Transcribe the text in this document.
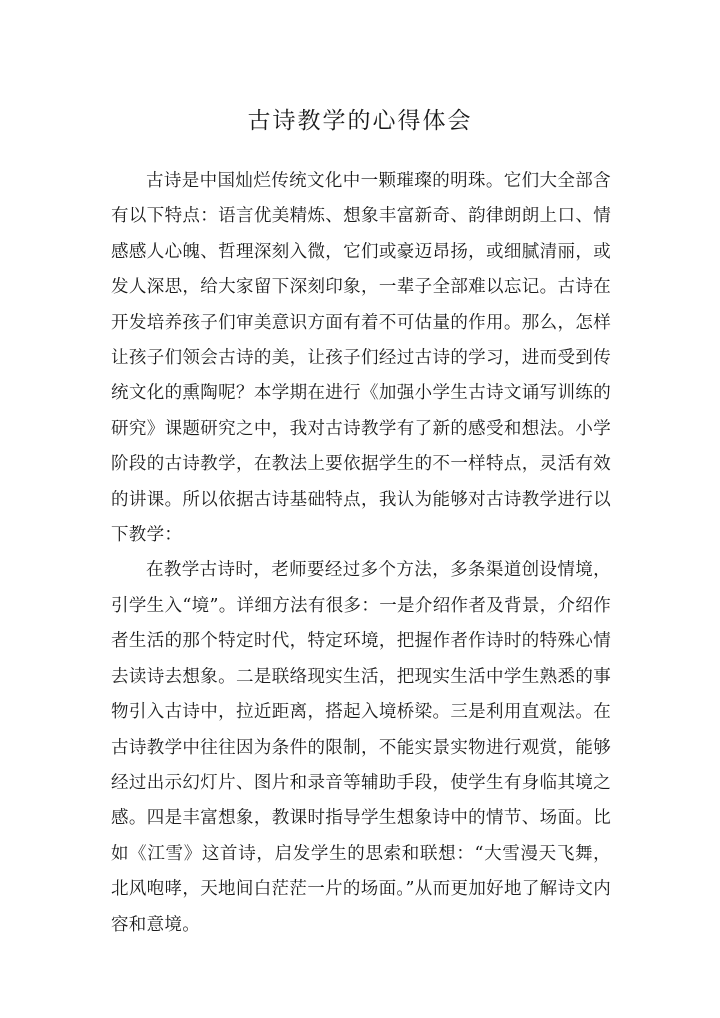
古诗教学的心得体会

古诗是中国灿烂传统文化中一颗璀璨的明珠。它们大全部含有以下特点：语言优美精炼、想象丰富新奇、韵律朗朗上口、情感感人心魄、哲理深刻入微，它们或豪迈昂扬，或细腻清丽，或发人深思，给大家留下深刻印象，一辈子全部难以忘记。古诗在开发培养孩子们审美意识方面有着不可估量的作用。那么，怎样让孩子们领会古诗的美，让孩子们经过古诗的学习，进而受到传统文化的熏陶呢？本学期在进行《加强小学生古诗文诵写训练的研究》课题研究之中，我对古诗教学有了新的感受和想法。小学阶段的古诗教学，在教法上要依据学生的不一样特点，灵活有效的讲课。所以依据古诗基础特点，我认为能够对古诗教学进行以下教学：

在教学古诗时，老师要经过多个方法，多条渠道创设情境，引学生入“境”。详细方法有很多：一是介绍作者及背景，介绍作者生活的那个特定时代，特定环境，把握作者作诗时的特殊心情去读诗去想象。二是联络现实生活，把现实生活中学生熟悉的事物引入古诗中，拉近距离，搭起入境桥梁。三是利用直观法。在古诗教学中往往因为条件的限制，不能实景实物进行观赏，能够经过出示幻灯片、图片和录音等辅助手段，使学生有身临其境之感。四是丰富想象，教课时指导学生想象诗中的情节、场面。比如《江雪》这首诗，启发学生的思索和联想：“大雪漫天飞舞，北风咆哮，天地间白茫茫一片的场面。”从而更加好地了解诗文内容和意境。
